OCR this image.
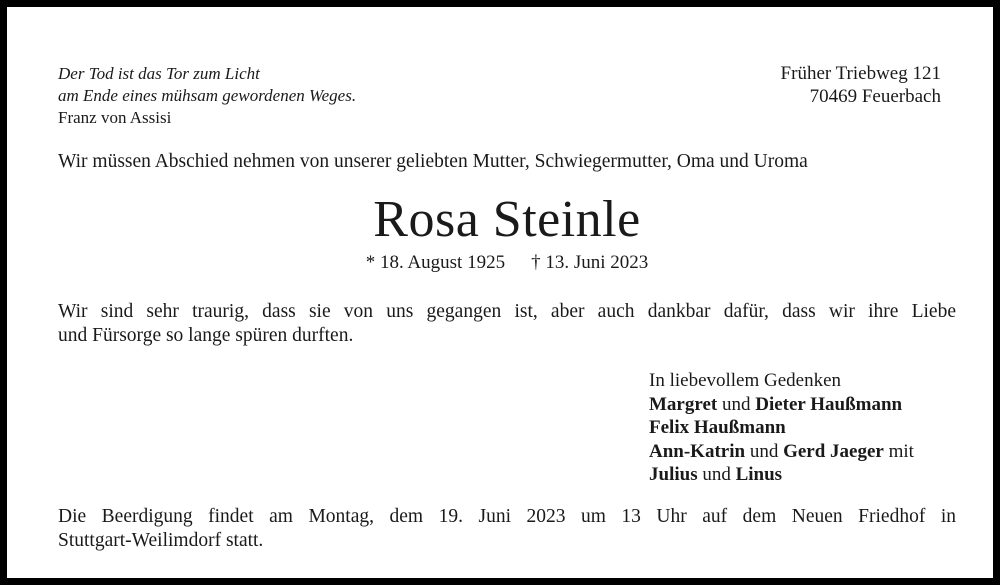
Der Tod ist das Tor zum Licht
am Ende eines mühsam gewordenen Weges.
Franz von Assisi
Früher Triebweg 121
70469 Feuerbach
Wir müssen Abschied nehmen von unserer geliebten Mutter, Schwiegermutter, Oma und Uroma
Rosa Steinle
* 18. August 1925 † 13. Juni 2023
Wir sind sehr traurig, dass sie von uns gegangen ist, aber auch dankbar dafür, dass wir ihre Liebe
und Fürsorge so lange spüren durften.
In liebevollem Gedenken
Margret und Dieter Haußmann
Felix Haußmann
Ann-Katrin und Gerd Jaeger mit
Julius und Linus
Die Beerdigung findet am Montag, dem 19. Juni 2023 um 13 Uhr auf dem Neuen Friedhof in
Stuttgart-Weilimdorf statt.
